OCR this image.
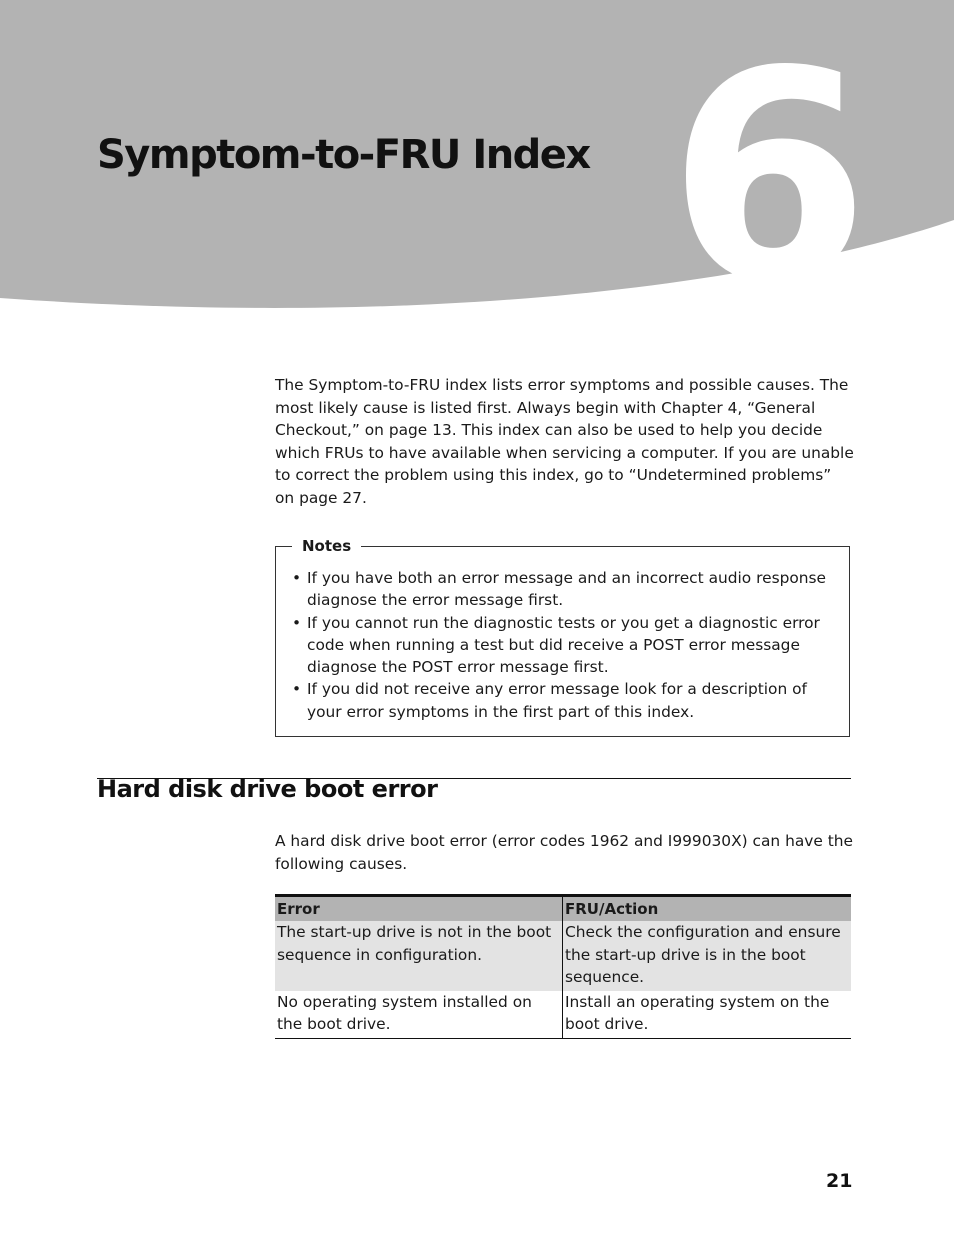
6
Symptom-to-FRU Index

The Symptom-to-FRU index lists error symptoms and possible causes. The most likely cause is listed first. Always begin with Chapter 4, “General Checkout,” on page 13. This index can also be used to help you decide which FRUs to have available when servicing a computer. If you are unable to correct the problem using this index, go to “Undetermined problems” on page 27.

Notes
• If you have both an error message and an incorrect audio response diagnose the error message first.
• If you cannot run the diagnostic tests or you get a diagnostic error code when running a test but did receive a POST error message diagnose the POST error message first.
• If you did not receive any error message look for a description of your error symptoms in the first part of this index.
Hard disk drive boot error

A hard disk drive boot error (error codes 1962 and I999030X) can have the following causes.

Error	FRU/Action
The start-up drive is not in the boot sequence in configuration.	Check the configuration and ensure the start-up drive is in the boot sequence.
No operating system installed on the boot drive.	Install an operating system on the boot drive.

21
